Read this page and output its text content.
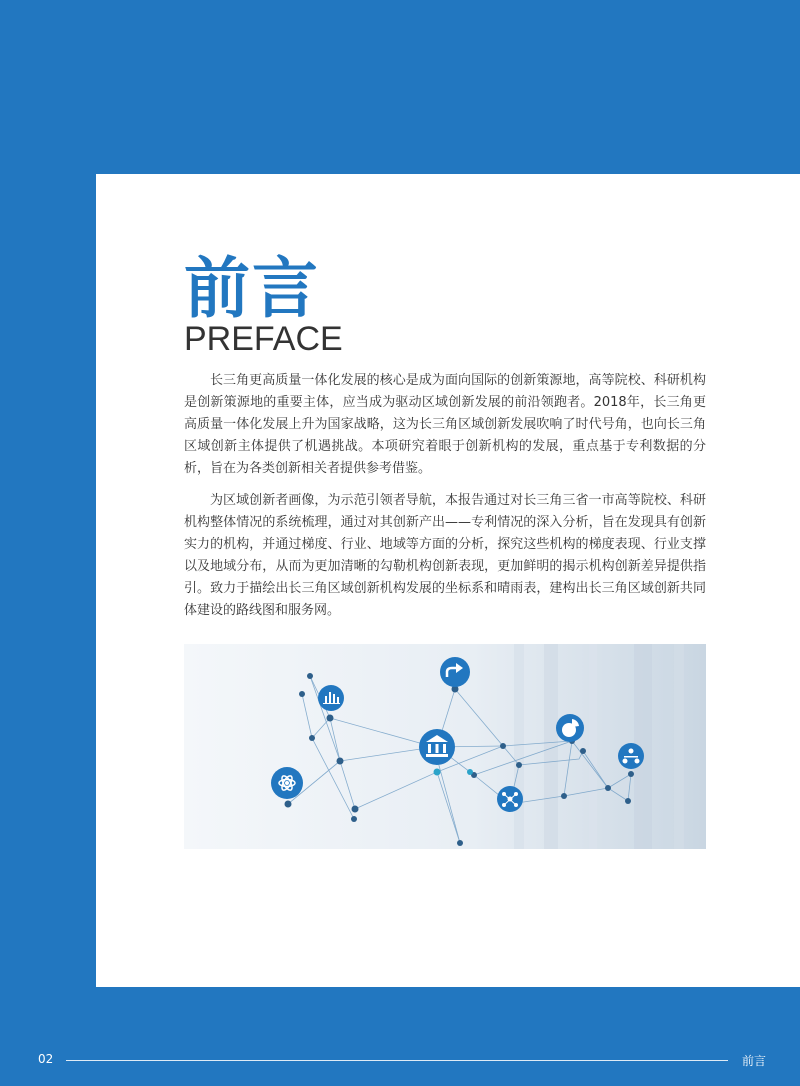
前言
PREFACE

长三角更高质量一体化发展的核心是成为面向国际的创新策源地，高等院校、科研机构是创新策源地的重要主体，应当成为驱动区域创新发展的前沿领跑者。2018年，长三角更高质量一体化发展上升为国家战略，这为长三角区域创新发展吹响了时代号角，也向长三角区域创新主体提供了机遇挑战。本项研究着眼于创新机构的发展，重点基于专利数据的分析，旨在为各类创新相关者提供参考借鉴。

为区域创新者画像，为示范引领者导航，本报告通过对长三角三省一市高等院校、科研机构整体情况的系统梳理，通过对其创新产出——专利情况的深入分析，旨在发现具有创新实力的机构，并通过梯度、行业、地域等方面的分析，探究这些机构的梯度表现、行业支撑以及地域分布，从而为更加清晰的勾勒机构创新表现，更加鲜明的揭示机构创新差异提供指引。致力于描绘出长三角区域创新机构发展的坐标系和晴雨表，建构出长三角区域创新共同体建设的路线图和服务网。

02	前言
